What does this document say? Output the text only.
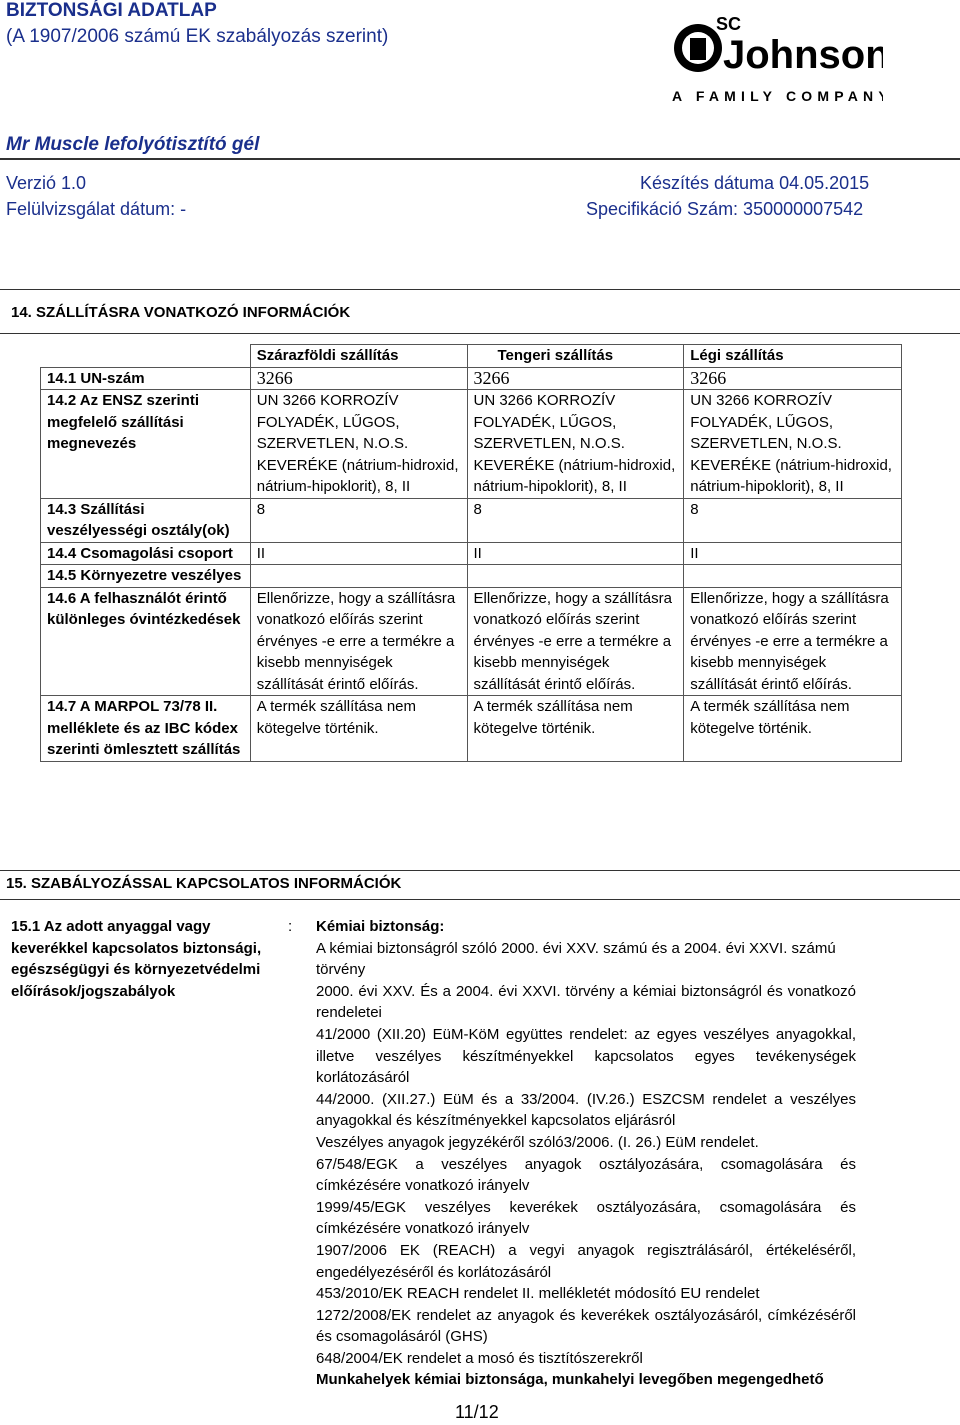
BIZTONSÁGI ADATLAP
(A 1907/2006 számú EK szabályozás szerint)
SC
Johnson
A FAMILY COMPANY
Mr Muscle lefolyótisztító gél
Verzió 1.0
Felülvizsgálat dátum: -
Készítés dátuma 04.05.2015
Specifikáció Szám: 350000007542
14. SZÁLLÍTÁSRA VONATKOZÓ INFORMÁCIÓK
	Szárazföldi szállítás	Tengeri szállítás	Légi szállítás
14.1 UN-szám	3266	3266	3266
14.2 Az ENSZ szerinti megfelelő szállítási megnevezés	UN 3266 KORROZÍV FOLYADÉK, LŰGOS, SZERVETLEN, N.O.S. KEVERÉKE (nátrium-hidroxid, nátrium-hipoklorit), 8, II	UN 3266 KORROZÍV FOLYADÉK, LŰGOS, SZERVETLEN, N.O.S. KEVERÉKE (nátrium-hidroxid, nátrium-hipoklorit), 8, II	UN 3266 KORROZÍV FOLYADÉK, LŰGOS, SZERVETLEN, N.O.S. KEVERÉKE (nátrium-hidroxid, nátrium-hipoklorit), 8, II
14.3 Szállítási veszélyességi osztály(ok)	8	8	8
14.4 Csomagolási csoport	II	II	II
14.5 Környezetre veszélyes			
14.6 A felhasználót érintő különleges óvintézkedések	Ellenőrizze, hogy a szállításra vonatkozó előírás szerint érvényes -e erre a termékre a kisebb mennyiségek szállítását érintő előírás.	Ellenőrizze, hogy a szállításra vonatkozó előírás szerint érvényes -e erre a termékre a kisebb mennyiségek szállítását érintő előírás.	Ellenőrizze, hogy a szállításra vonatkozó előírás szerint érvényes -e erre a termékre a kisebb mennyiségek szállítását érintő előírás.
14.7 A MARPOL 73/78 II. melléklete és az IBC kódex szerinti ömlesztett szállítás	A termék szállítása nem kötegelve történik.	A termék szállítása nem kötegelve történik.	A termék szállítása nem kötegelve történik.
15. SZABÁLYOZÁSSAL KAPCSOLATOS INFORMÁCIÓK
15.1 Az adott anyaggal vagy keverékkel kapcsolatos biztonsági, egészségügyi és környezetvédelmi előírások/jogszabályok
: Kémiai biztonság:

A kémiai biztonságról szóló 2000. évi XXV. számú és a 2004. évi XXVI. számú törvény

2000. évi XXV. És a 2004. évi XXVI. törvény a kémiai biztonságról és vonatkozó rendeletei

41/2000 (XII.20) EüM-KöM együttes rendelet: az egyes veszélyes anyagokkal, illetve veszélyes készítményekkel kapcsolatos egyes tevékenységek korlátozásáról

44/2000. (XII.27.) EüM és a 33/2004. (IV.26.) ESZCSM rendelet a veszélyes anyagokkal és készítményekkel kapcsolatos eljárásról

Veszélyes anyagok jegyzékéről szóló3/2006. (I. 26.) EüM rendelet.

67/548/EGK a veszélyes anyagok osztályozására, csomagolására és címkézésére vonatkozó irányelv

1999/45/EGK veszélyes keverékek osztályozására, csomagolására és címkézésére vonatkozó irányelv

1907/2006 EK (REACH) a vegyi anyagok regisztrálásáról, értékeléséről, engedélyezéséről és korlátozásáról

453/2010/EK REACH rendelet II. mellékletét módosító EU rendelet

1272/2008/EK rendelet az anyagok és keverékek osztályozásáról, címkézéséről és csomagolásáról (GHS)

648/2004/EK rendelet a mosó és tisztítószerekről

Munkahelyek kémiai biztonsága, munkahelyi levegőben megengedhető

11/12
